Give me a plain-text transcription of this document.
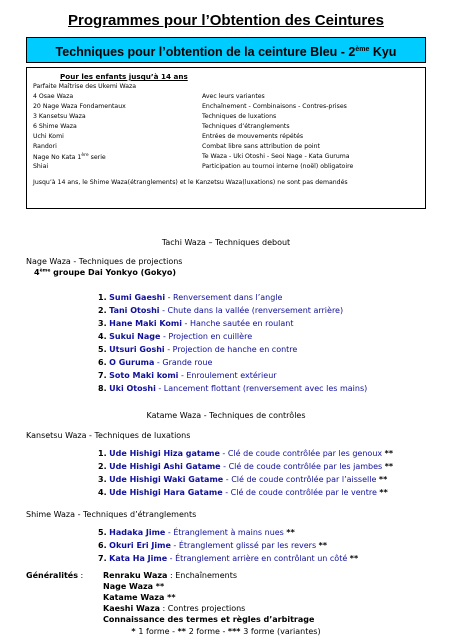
Programmes pour l’Obtention des Ceintures
Techniques pour l’obtention de la ceinture Bleu - 2ème Kyu
Pour les enfants jusqu’à 14 ans
Parfaite Maîtrise des Ukemi Waza
4 Osae Waza	Avec leurs variantes
20 Nage Waza Fondamentaux	Enchaînement - Combinaisons - Contres-prises
3 Kansetsu Waza	Techniques de luxations
6 Shime Waza	Techniques d’étranglements
Uchi Komi	Entrées de mouvements répétés
Randori	Combat libre sans attribution de point
Nage No Kata 1ère serie	Te Waza - Uki Otoshi - Seoi Nage - Kata Guruma
Shiai	Participation au tournoi interne (noël) obligatoire
Jusqu’à 14 ans, le Shime Waza(étranglements) et le Kanzetsu Waza(luxations) ne sont pas demandés
Tachi Waza – Techniques debout
Nage Waza - Techniques de projections
4ème groupe Dai Yonkyo (Gokyo)
1. Sumi Gaeshi - Renversement dans l’angle
2. Tani Otoshi - Chute dans la vallée (renversement arrière)
3. Hane Maki Komi - Hanche sautée en roulant
4. Sukui Nage - Projection en cuillère
5. Utsuri Goshi - Projection de hanche en contre
6. O Guruma - Grande roue
7. Soto Maki komi - Enroulement extérieur
8. Uki Otoshi - Lancement flottant (renversement avec les mains)
Katame Waza - Techniques de contrôles
Kansetsu Waza - Techniques de luxations
1. Ude Hishigi Hiza gatame - Clé de coude contrôlée par les genoux **
2. Ude Hishigi Ashi Gatame - Clé de coude contrôlée par les jambes **
3. Ude Hishigi Waki Gatame - Clé de coude contrôlée par l’aisselle **
4. Ude Hishigi Hara Gatame - Clé de coude contrôlée par le ventre **
Shime Waza - Techniques d’étranglements
5. Hadaka Jime - Étranglement à mains nues **
6. Okuri Eri Jime - Étranglement glissé par les revers **
7. Kata Ha Jime - Étranglement arrière en contrôlant un côté **
Généralités : Renraku Waza : Enchaînements
Nage Waza **
Katame Waza **
Kaeshi Waza : Contres projections
Connaissance des termes et règles d’arbitrage
* 1 forme - ** 2 forme - *** 3 forme (variantes)
